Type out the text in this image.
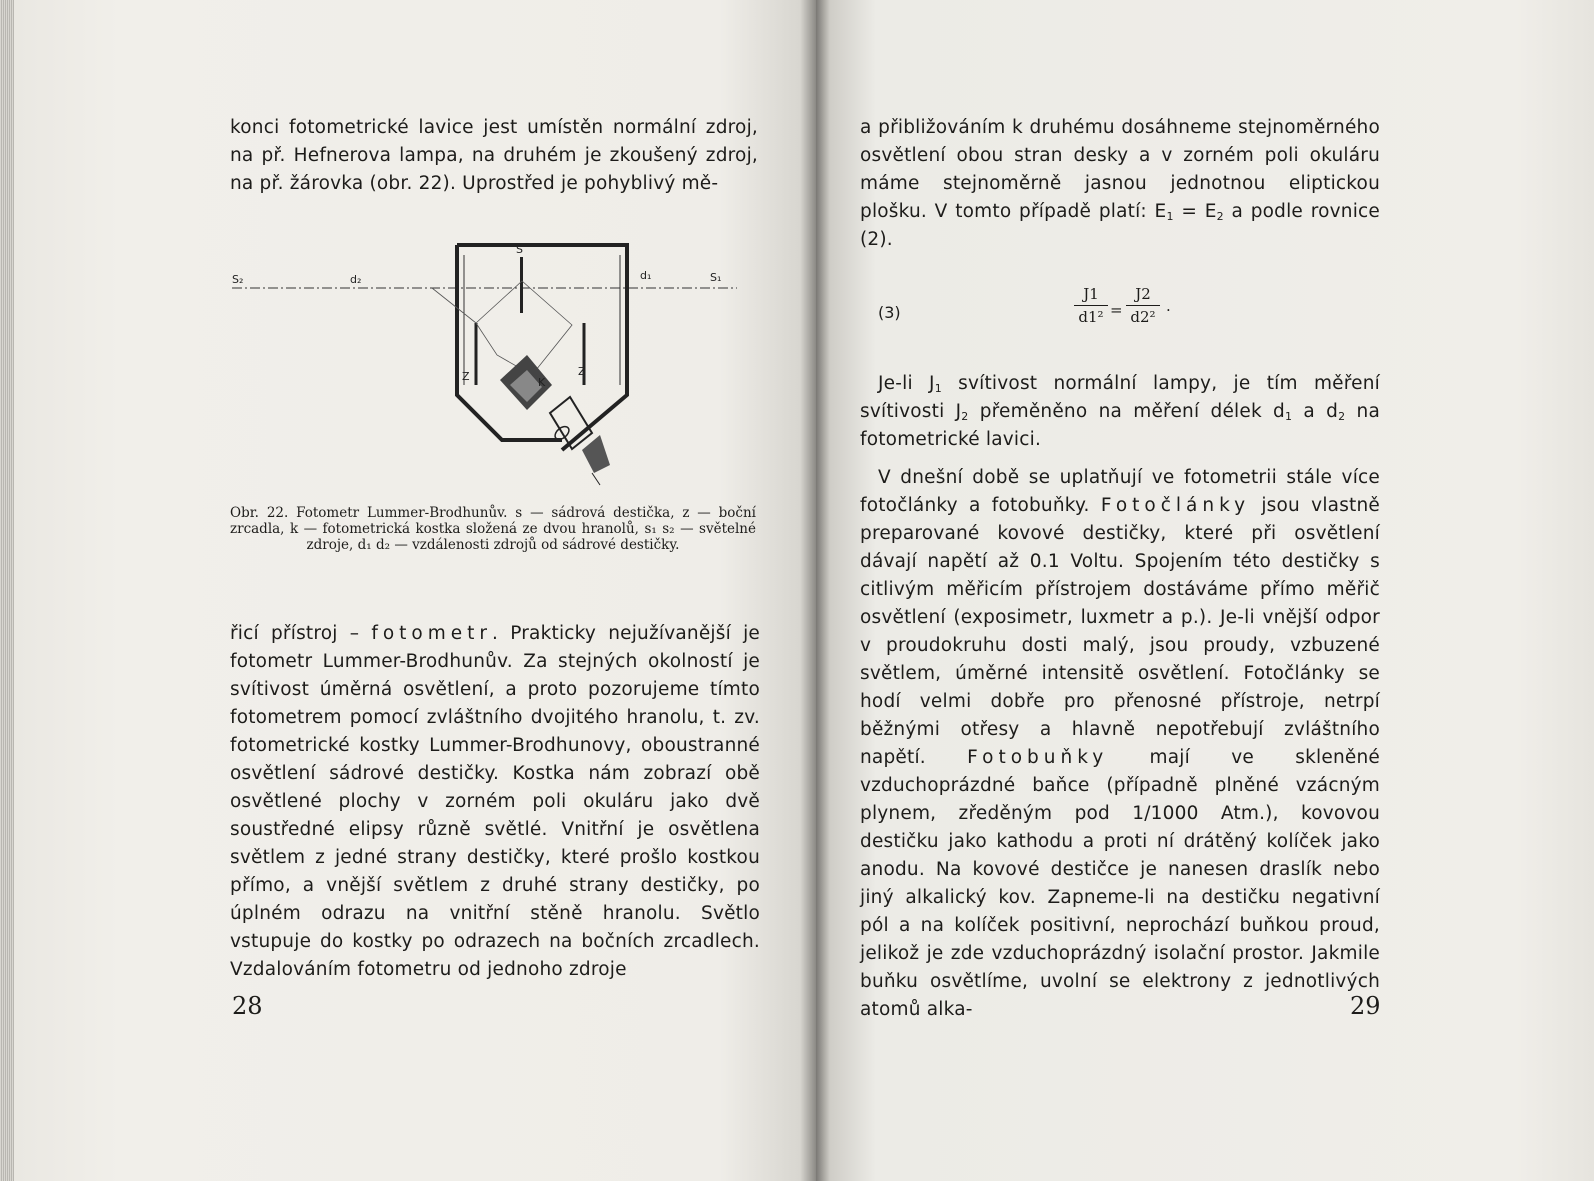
konci fotometrické lavice jest umístěn normální zdroj, na př. Hefnerova lampa, na druhém je zkoušený zdroj, na př. žárovka (obr. 22). Uprostřed je pohyblivý mě-

S₂	d₂
S
d₁	S₁
Z	K
Z
Obr. 22. Fotometr Lummer-Brodhunův. s — sádrová destička, z — boční zrcadla, k — fotometrická kostka složená ze dvou hranolů, s₁ s₂ — světelné zdroje, d₁ d₂ — vzdálenosti zdrojů od sádrové destičky.

řicí přístroj – fotometr. Prakticky nejužívanější je fotometr Lummer-Brodhunův. Za stejných okolností je svítivost úměrná osvětlení, a proto pozorujeme tímto fotometrem pomocí zvláštního dvojitého hranolu, t. zv. fotometrické kostky Lummer-Brodhunovy, oboustranné osvětlení sádrové destičky. Kostka nám zobrazí obě osvětlené plochy v zorném poli okuláru jako dvě soustředné elipsy různě světlé. Vnitřní je osvětlena světlem z jedné strany destičky, které prošlo kostkou přímo, a vnější světlem z druhé strany destičky, po úplném odrazu na vnitřní stěně hranolu. Světlo vstupuje do kostky po odrazech na bočních zrcadlech. Vzdalováním fotometru od jednoho zdroje

28

a přibližováním k druhému dosáhneme stejnoměrného osvětlení obou stran desky a v zorném poli okuláru máme stejnoměrně jasnou jednotnou eliptickou plošku. V tomto případě platí: $E_1 = E_2$ a podle rovnice (2).

(3)	$\frac{J1}{\text{d1²}} = \frac{J2}{\text{d2²}}$ .

Je-li $J_1$ svítivost normální lampy, je tím měření svítivosti $J_2$ přeměněno na měření délek $d_1$ a $d_2$ na fotometrické lavici.

V dnešní době se uplatňují ve fotometrii stále více fotočlánky a fotobuňky. Fotočlánky jsou vlastně preparované kovové destičky, které při osvětlení dávají napětí až 0.1 Voltu. Spojením této destičky s citlivým měřicím přístrojem dostáváme přímo měřič osvětlení (exposimetr, luxmetr a p.). Je-li vnější odpor v proudokruhu dosti malý, jsou proudy, vzbuzené světlem, úměrné intensitě osvětlení. Fotočlánky se hodí velmi dobře pro přenosné přístroje, netrpí běžnými otřesy a hlavně nepotřebují zvláštního napětí. Fotobuňky mají ve skleněné vzduchoprázdné baňce (případně plněné vzácným plynem, zředěným pod 1/1000 Atm.), kovovou destičku jako kathodu a proti ní drátěný kolíček jako anodu. Na kovové destičce je nanesen draslík nebo jiný alkalický kov. Zapneme-li na destičku negativní pól a na kolíček positivní, neprochází buňkou proud, jelikož je zde vzduchoprázdný isolační prostor. Jakmile buňku osvětlíme, uvolní se elektrony z jednotlivých atomů alka-	29
